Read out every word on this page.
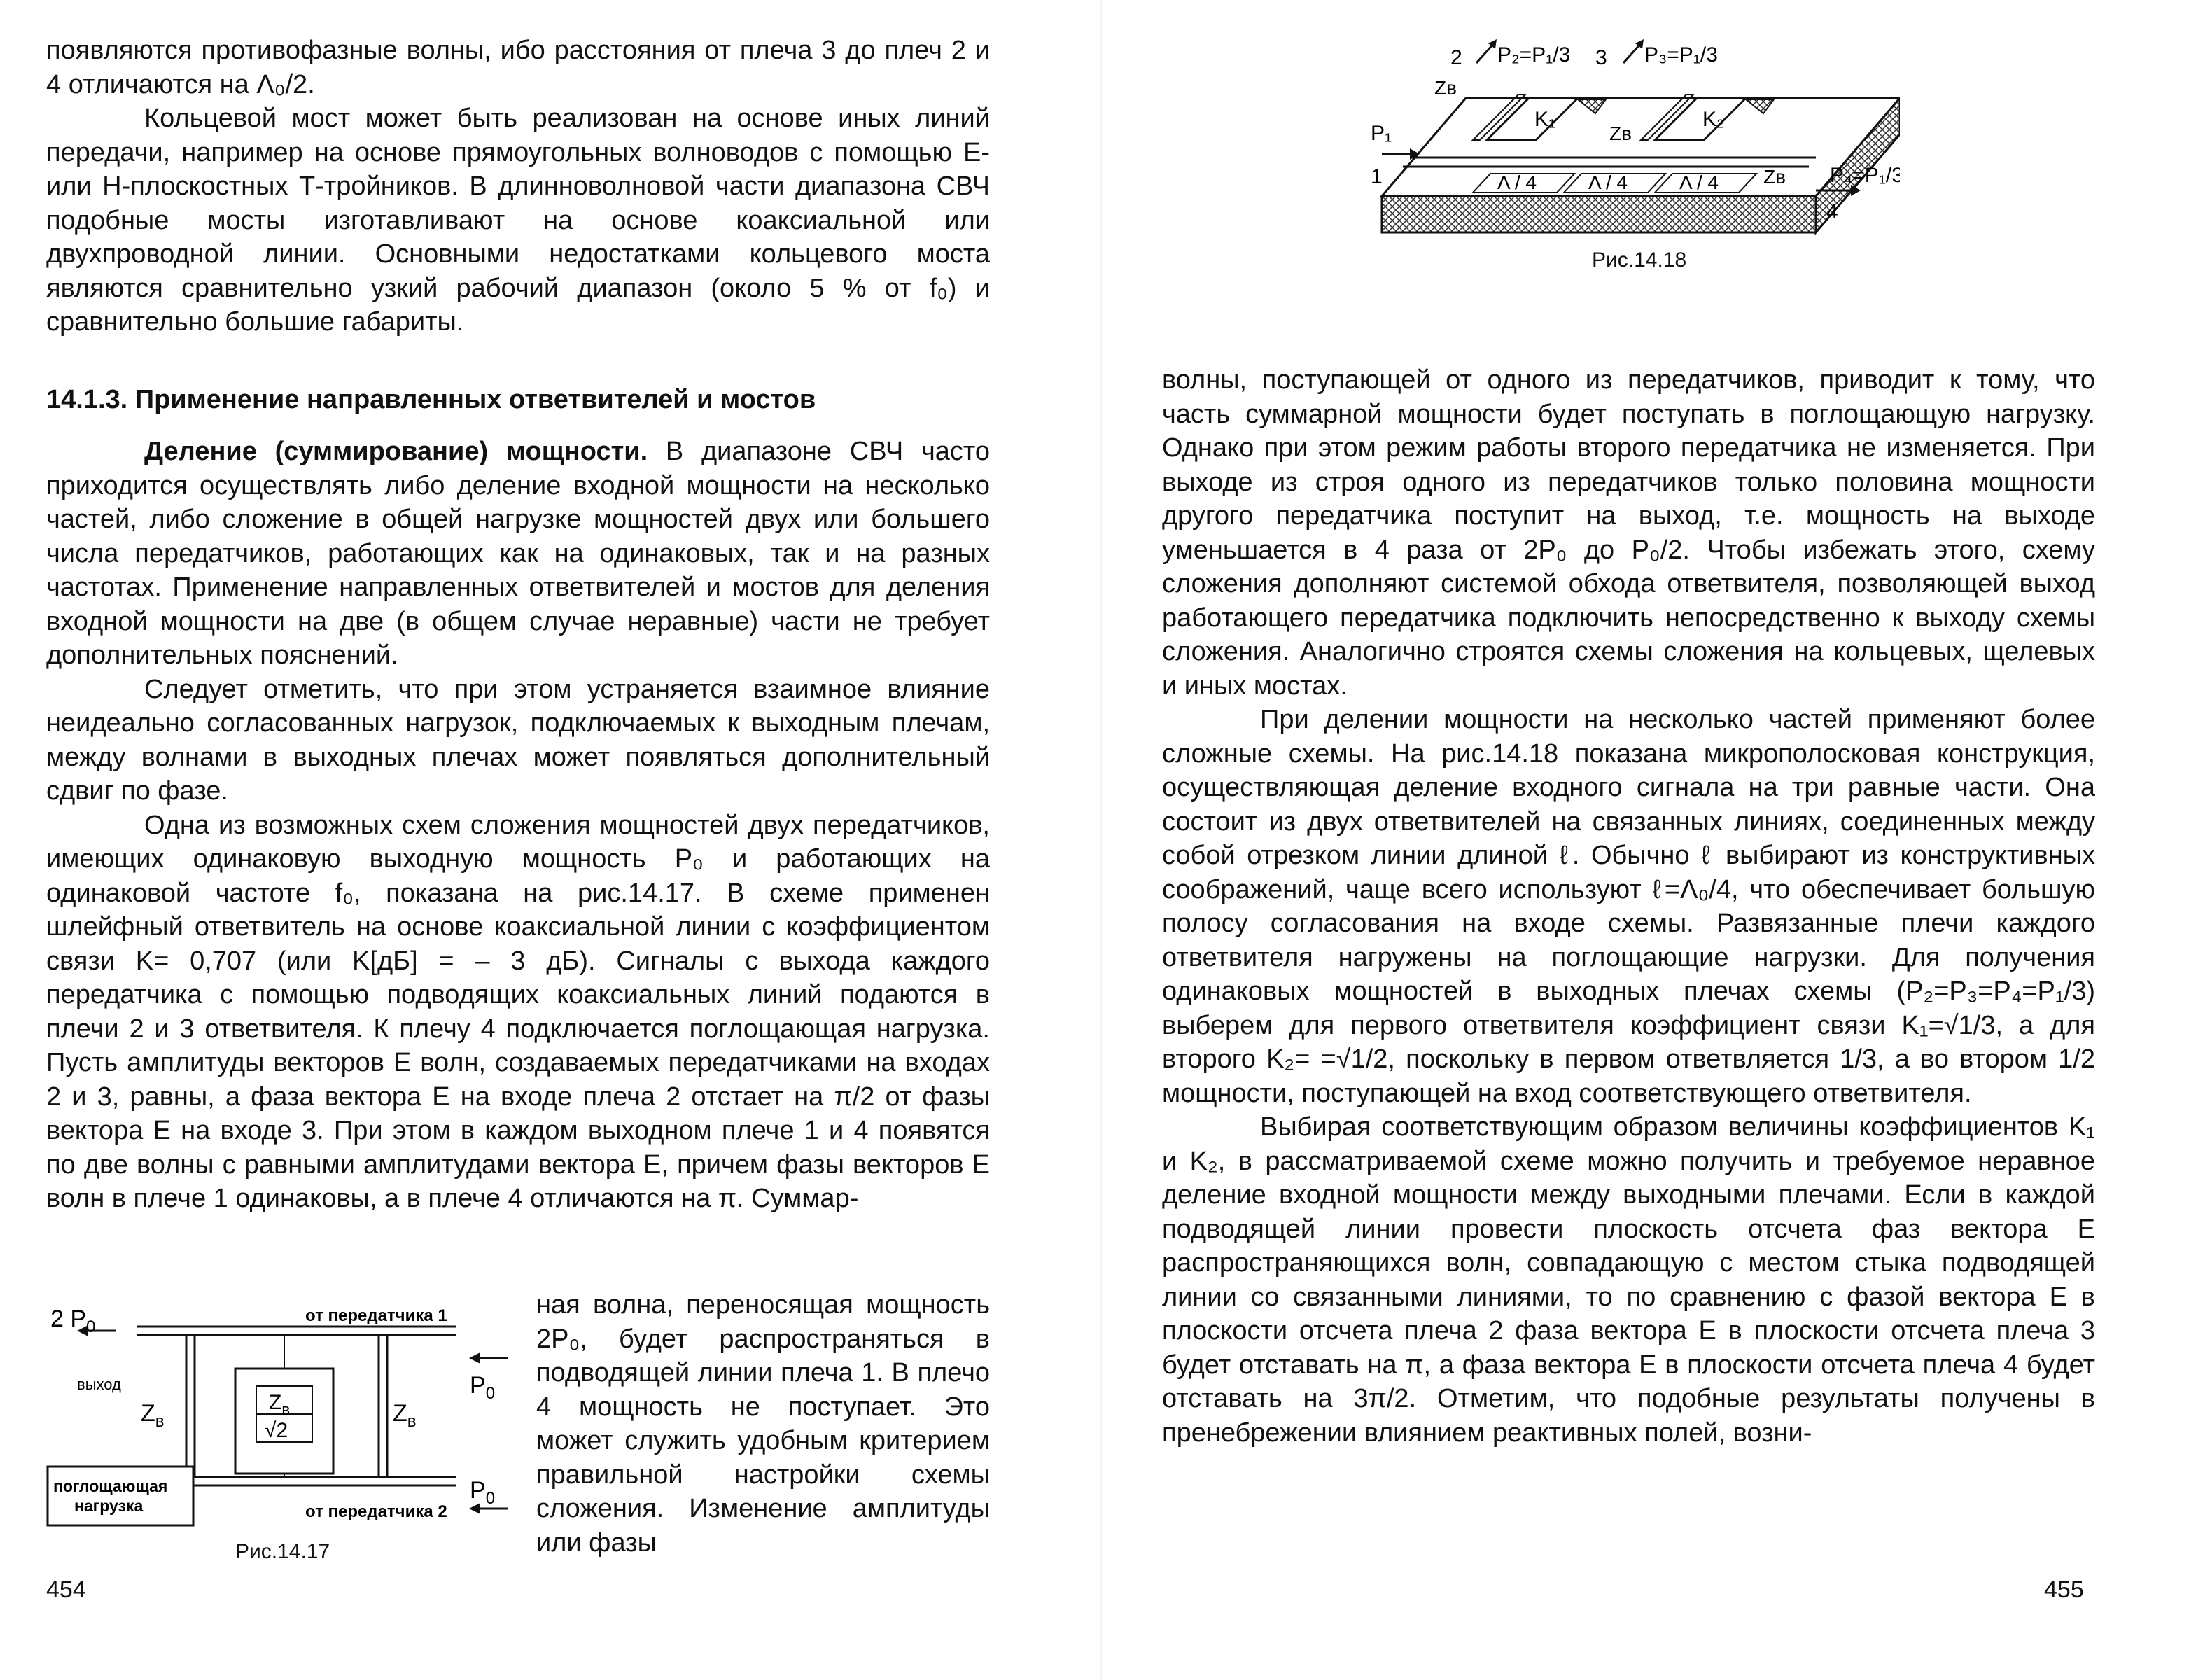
появляются противофазные волны, ибо расстояния от плеча 3 до плеч 2 и 4 отличаются на Λ₀/2.

Кольцевой мост может быть реализован на основе иных линий передачи, например на основе прямоугольных волноводов с помощью E- или H-плоскостных Т-тройников. В длинноволновой части диапазона СВЧ подобные мосты изготавливают на основе коаксиальной или двухпроводной линии. Основными недостатками кольцевого моста являются сравнительно узкий рабочий диапазон (около 5 % от f₀) и сравнительно большие габариты.

14.1.3. Применение направленных ответвителей и мостов

Деление (суммирование) мощности. В диапазоне СВЧ часто приходится осуществлять либо деление входной мощности на несколько частей, либо сложение в общей нагрузке мощностей двух или большего числа передатчиков, работающих как на одинаковых, так и на разных частотах. Применение направленных ответвителей и мостов для деления входной мощности на две (в общем случае неравные) части не требует дополнительных пояснений.

Следует отметить, что при этом устраняется взаимное влияние неидеально согласованных нагрузок, подключаемых к выходным плечам, между волнами в выходных плечах может появляться дополнительный сдвиг по фазе.

Одна из возможных схем сложения мощностей двух передатчиков, имеющих одинаковую выходную мощность P₀ и работающих на одинаковой частоте f₀, показана на рис.14.17. В схеме применен шлейфный ответвитель на основе коаксиальной линии с коэффициентом связи K= 0,707 (или K[дБ] = – 3 дБ). Сигналы с выхода каждого передатчика с помощью подводящих коаксиальных линий подаются в плечи 2 и 3 ответвителя. К плечу 4 подключается поглощающая нагрузка. Пусть амплитуды векторов E волн, создаваемых передатчиками на входах 2 и 3, равны, а фаза вектора E на входе плеча 2 отстает на π/2 от фазы вектора E на входе 3. При этом в каждом выходном плече 1 и 4 появятся по две волны с равными амплитудами вектора E, причем фазы векторов E волн в плече 1 одинаковы, а в плече 4 отличаются на π. Суммар-

ная волна, переносящая мощность 2P₀, будет распространяться в подводящей линии плеча 1. В плечо 4 мощность не поступает. Это может служить удобным критерием правильной настройки схемы сложения. Изменение амплитуды или фазы
2 $P_0$
от передатчика 1
выход	$P_0$
$P_0$
$Z_в$	$Z_в$
$Z_в$
√2
поглощающая
нагрузка	от передатчика 2
Рис.14.17
454
2 P₂=P₁/3 3 P₃=P₁/3
Zв
K₁	K₂
Zв
P₁
1	Λ / 4	Λ / 4	Λ / 4 Zв
4
P₄=P₁/3
Рис.14.18

волны, поступающей от одного из передатчиков, приводит к тому, что часть суммарной мощности будет поступать в поглощающую нагрузку. Однако при этом режим работы второго передатчика не изменяется. При выходе из строя одного из передатчиков только половина мощности другого передатчика поступит на выход, т.е. мощность на выходе уменьшается в 4 раза от 2P₀ до P₀/2. Чтобы избежать этого, схему сложения дополняют системой обхода ответвителя, позволяющей выход работающего передатчика подключить непосредственно к выходу схемы сложения. Аналогично строятся схемы сложения на кольцевых, щелевых и иных мостах.

При делении мощности на несколько частей применяют более сложные схемы. На рис.14.18 показана микрополосковая конструкция, осуществляющая деление входного сигнала на три равные части. Она состоит из двух ответвителей на связанных линиях, соединенных между собой отрезком линии длиной ℓ. Обычно ℓ выбирают из конструктивных соображений, чаще всего используют ℓ=Λ₀/4, что обеспечивает большую полосу согласования на входе схемы. Развязанные плечи каждого ответвителя нагружены на поглощающие нагрузки. Для получения одинаковых мощностей в выходных плечах схемы (P₂=P₃=P₄=P₁/3) выберем для первого ответвителя коэффициент связи K₁=√1/3, а для второго K₂= =√1/2, поскольку в первом ответвляется 1/3, а во втором 1/2 мощности, поступающей на вход соответствующего ответвителя.

Выбирая соответствующим образом величины коэффициентов K₁ и K₂, в рассматриваемой схеме можно получить и требуемое неравное деление входной мощности между выходными плечами. Если в каждой подводящей линии провести плоскость отсчета фаз вектора E распространяющихся волн, совпадающую с местом стыка подводящей линии со связанными линиями, то по сравнению с фазой вектора E в плоскости отсчета плеча 2 фаза вектора E в плоскости отсчета плеча 3 будет отставать на π, а фаза вектора E в плоскости отсчета плеча 4 будет отставать на 3π/2. Отметим, что подобные результаты получены в пренебрежении влиянием реактивных полей, возни-

455
